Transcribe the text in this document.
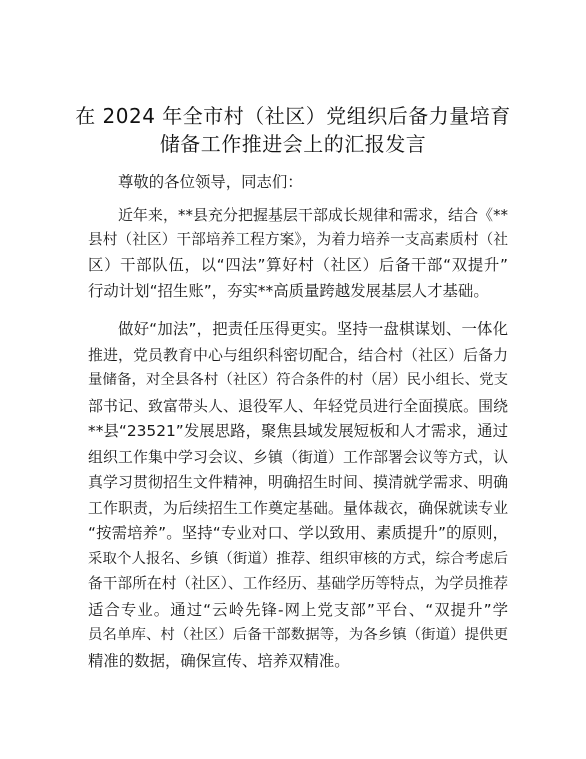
在 2024 年全市村（社区）党组织后备力量培育
储备工作推进会上的汇报发言
尊敬的各位领导，同志们：
近年来，**县充分把握基层干部成长规律和需求，结合《**
县村（社区）干部培养工程方案》，为着力培养一支高素质村（社
区）干部队伍，以“四法”算好村（社区）后备干部“双提升”
行动计划“招生账”，夯实**高质量跨越发展基层人才基础。
做好“加法”，把责任压得更实。坚持一盘棋谋划、一体化
推进，党员教育中心与组织科密切配合，结合村（社区）后备力
量储备，对全县各村（社区）符合条件的村（居）民小组长、党支
部书记、致富带头人、退役军人、年轻党员进行全面摸底。围绕
**县“23521”发展思路，聚焦县域发展短板和人才需求，通过
组织工作集中学习会议、乡镇（街道）工作部署会议等方式，认
真学习贯彻招生文件精神，明确招生时间、摸清就学需求、明确
工作职责，为后续招生工作奠定基础。量体裁衣，确保就读专业
“按需培养”。坚持“专业对口、学以致用、素质提升”的原则，
采取个人报名、乡镇（街道）推荐、组织审核的方式，综合考虑后
备干部所在村（社区）、工作经历、基础学历等特点，为学员推荐
适合专业。通过“云岭先锋-网上党支部”平台、“双提升”学
员名单库、村（社区）后备干部数据等，为各乡镇（街道）提供更
精准的数据，确保宣传、培养双精准。
